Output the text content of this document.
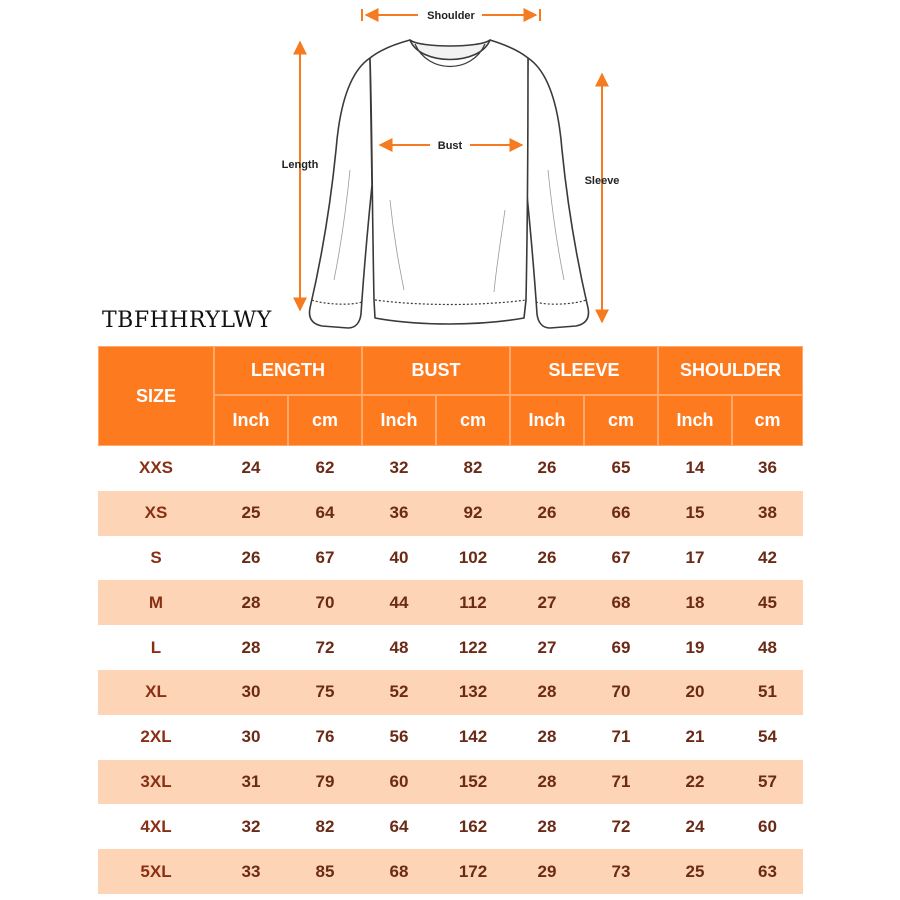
Shoulder
Bust
Length
Sleeve
TBFHHRYLWY
SIZE	LENGTH		BUST		SLEEVE		SHOULDER	
	Inch	cm	Inch	cm	Inch	cm	Inch	cm
XXS	24	62	32	82	26	65	14	36
XS	25	64	36	92	26	66	15	38
S	26	67	40	102	26	67	17	42
M	28	70	44	112	27	68	18	45
L	28	72	48	122	27	69	19	48
XL	30	75	52	132	28	70	20	51
2XL	30	76	56	142	28	71	21	54
3XL	31	79	60	152	28	71	22	57
4XL	32	82	64	162	28	72	24	60
5XL	33	85	68	172	29	73	25	63
